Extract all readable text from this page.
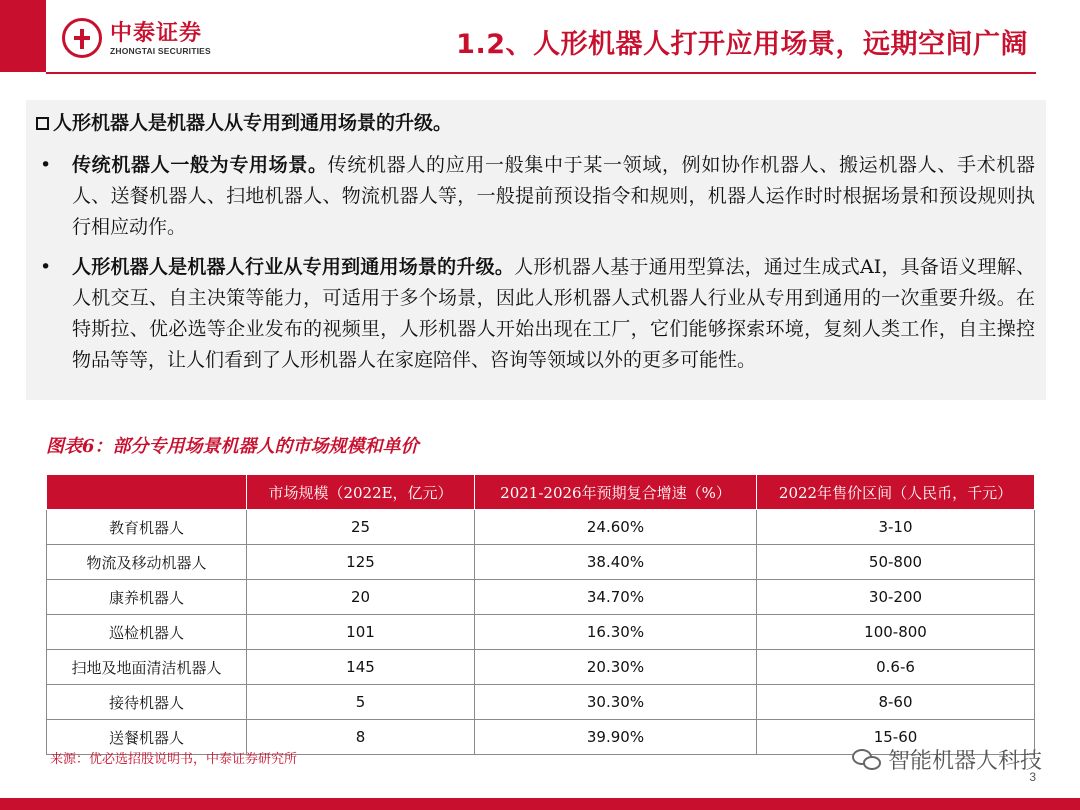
中泰证券
ZHONGTAI SECURITIES	1.2、人形机器人打开应用场景，远期空间广阔
人形机器人是机器人从专用到通用场景的升级。
• 传统机器人一般为专用场景。传统机器人的应用一般集中于某一领域，例如协作机器人、搬运机器人、手术机器人、送餐机器人、扫地机器人、物流机器人等，一般提前预设指令和规则，机器人运作时时根据场景和预设规则执行相应动作。
• 人形机器人是机器人行业从专用到通用场景的升级。人形机器人基于通用型算法，通过生成式AI，具备语义理解、人机交互、自主决策等能力，可适用于多个场景，因此人形机器人式机器人行业从专用到通用的一次重要升级。在特斯拉、优必选等企业发布的视频里，人形机器人开始出现在工厂，它们能够探索环境，复刻人类工作，自主操控物品等等，让人们看到了人形机器人在家庭陪伴、咨询等领域以外的更多可能性。
图表6：部分专用场景机器人的市场规模和单价
	市场规模（2022E，亿元）	2021-2026年预期复合增速（%）	2022年售价区间（人民币，千元）
教育机器人	25	24.60%	3-10
物流及移动机器人	125	38.40%	50-800
康养机器人	20	34.70%	30-200
巡检机器人	101	16.30%	100-800
扫地及地面清洁机器人	145	20.30%	0.6-6
接待机器人	5	30.30%	8-60
送餐机器人	8	39.90%	15-60
来源：优必选招股说明书，中泰证券研究所	智能机器人科技
3
